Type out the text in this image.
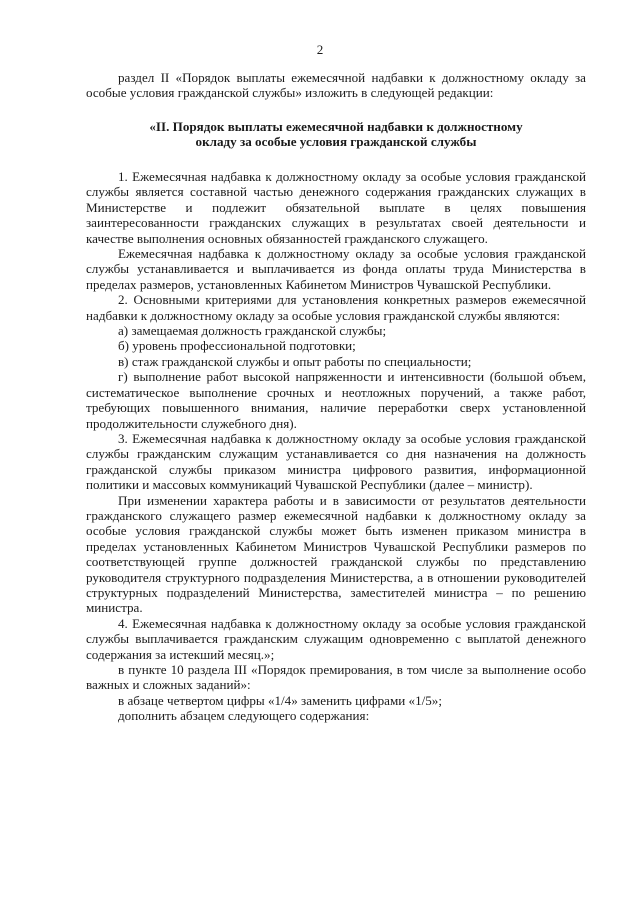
2

раздел II «Порядок выплаты ежемесячной надбавки к должностному окладу за особые условия гражданской службы» изложить в следующей редакции:

«II. Порядок выплаты ежемесячной надбавки к должностному
окладу за особые условия гражданской службы

1. Ежемесячная надбавка к должностному окладу за особые условия гражданской службы является составной частью денежного содержания гражданских служащих в Министерстве и подлежит обязательной выплате в целях повышения заинтересованности гражданских служащих в результатах своей деятельности и качестве выполнения основных обязанностей гражданского служащего.

Ежемесячная надбавка к должностному окладу за особые условия гражданской службы устанавливается и выплачивается из фонда оплаты труда Министерства в пределах размеров, установленных Кабинетом Министров Чувашской Республики.

2. Основными критериями для установления конкретных размеров ежемесячной надбавки к должностному окладу за особые условия гражданской службы являются:

а) замещаемая должность гражданской службы;

б) уровень профессиональной подготовки;

в) стаж гражданской службы и опыт работы по специальности;

г) выполнение работ высокой напряженности и интенсивности (большой объем, систематическое выполнение срочных и неотложных поручений, а также работ, требующих повышенного внимания, наличие переработки сверх установленной продолжительности служебного дня).

3. Ежемесячная надбавка к должностному окладу за особые условия гражданской службы гражданским служащим устанавливается со дня назначения на должность гражданской службы приказом министра цифрового развития, информационной политики и массовых коммуникаций Чувашской Республики (далее – министр).

При изменении характера работы и в зависимости от результатов деятельности гражданского служащего размер ежемесячной надбавки к должностному окладу за особые условия гражданской службы может быть изменен приказом министра в пределах установленных Кабинетом Министров Чувашской Республики размеров по соответствующей группе должностей гражданской службы по представлению руководителя структурного подразделения Министерства, а в отношении руководителей структурных подразделений Министерства, заместителей министра – по решению министра.

4. Ежемесячная надбавка к должностному окладу за особые условия гражданской службы выплачивается гражданским служащим одновременно с выплатой денежного содержания за истекший месяц.»;

в пункте 10 раздела III «Порядок премирования, в том числе за выполнение особо важных и сложных заданий»:

в абзаце четвертом цифры «1/4» заменить цифрами «1/5»;

дополнить абзацем следующего содержания:
